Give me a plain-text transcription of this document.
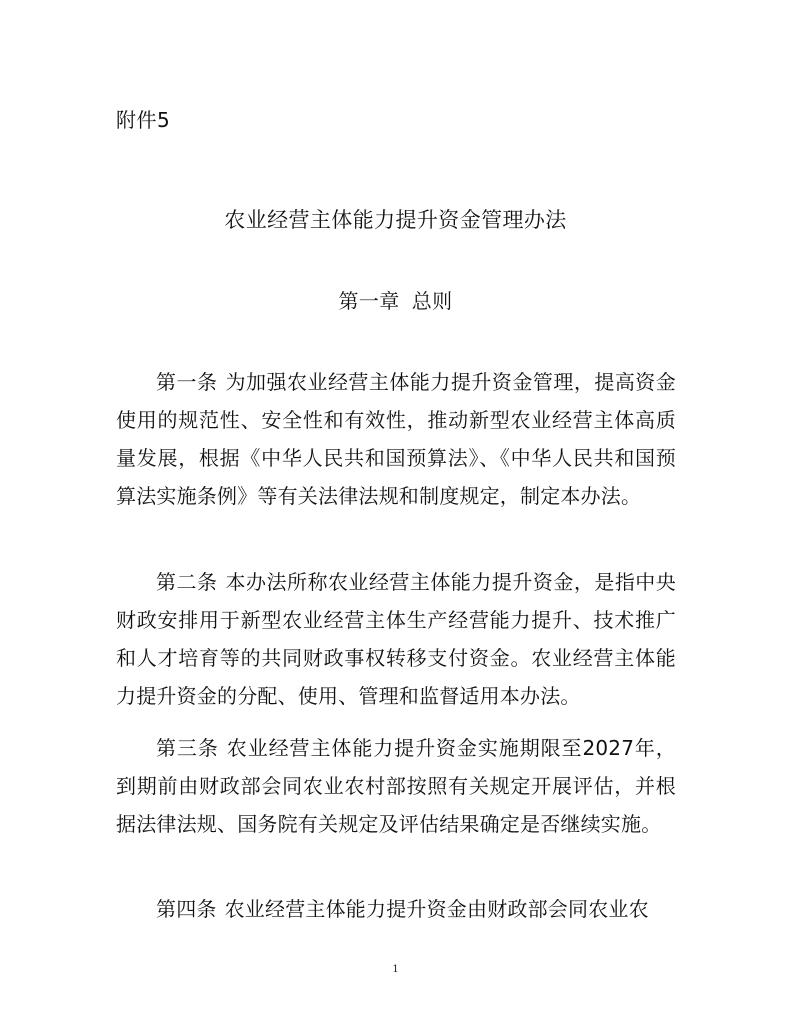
附件5
农业经营主体能力提升资金管理办法
第一章 总则
第一条 为加强农业经营主体能力提升资金管理，提高资金使用的规范性、安全性和有效性，推动新型农业经营主体高质量发展，根据《中华人民共和国预算法》、《中华人民共和国预算法实施条例》等有关法律法规和制度规定，制定本办法。
第二条 本办法所称农业经营主体能力提升资金，是指中央财政安排用于新型农业经营主体生产经营能力提升、技术推广和人才培育等的共同财政事权转移支付资金。农业经营主体能力提升资金的分配、使用、管理和监督适用本办法。
第三条 农业经营主体能力提升资金实施期限至2027年，到期前由财政部会同农业农村部按照有关规定开展评估，并根据法律法规、国务院有关规定及评估结果确定是否继续实施。
第四条 农业经营主体能力提升资金由财政部会同农业农
1
